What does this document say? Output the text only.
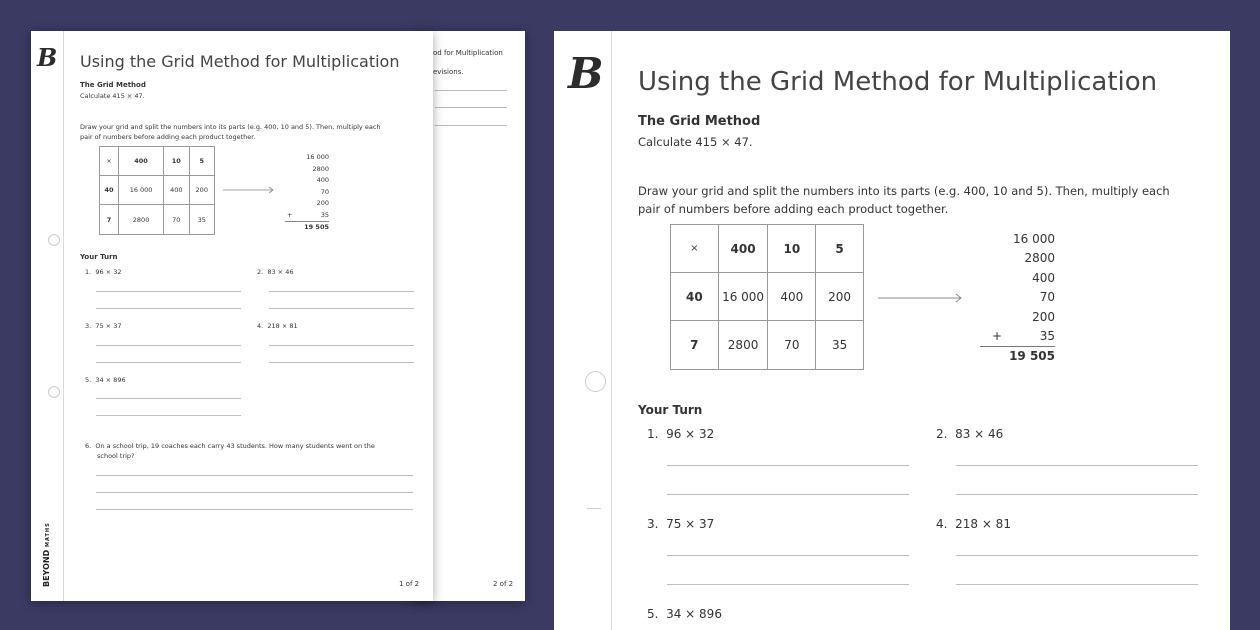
od for Multiplication
evisions.
2 of 2
B Using the Grid Method for Multiplication
The Grid Method
Calculate 415 × 47.
Draw your grid and split the numbers into its parts (e.g. 400, 10 and 5). Then, multiply each
pair of numbers before adding each product together.
×	400	10	5
40	16 000	400	200
7	2800	70	35
16 000
2800
400
70
200
+	35
19 505
Your Turn
1. 96 × 32	2. 83 × 46
3. 75 × 37	4. 218 × 81
5. 34 × 896
6. On a school trip, 19 coaches each carry 43 students. How many students went on the
school trip?
BEYOND MATHS
1 of 2
B Using the Grid Method for Multiplication
The Grid Method
Calculate 415 × 47.
Draw your grid and split the numbers into its parts (e.g. 400, 10 and 5). Then, multiply each
pair of numbers before adding each product together.
×	400	10	5
40	16 000	400	200
7	2800	70	35
16 000
2800
400
70
200
+	35
19 505
Your Turn
1. 96 × 32	2. 83 × 46
3. 75 × 37	4. 218 × 81
5. 34 × 896
